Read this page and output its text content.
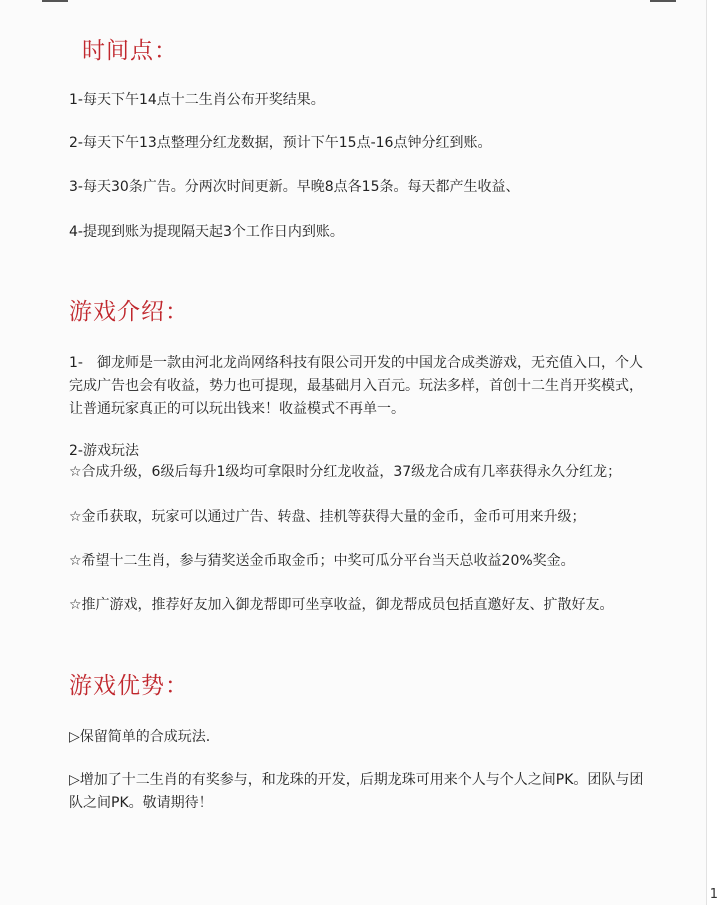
时间点：

1-每天下午14点十二生肖公布开奖结果。

2-每天下午13点整理分红龙数据，预计下午15点-16点钟分红到账。

3-每天30条广告。分两次时间更新。早晚8点各15条。每天都产生收益、

4-提现到账为提现隔天起3个工作日内到账。

游戏介绍：

1-　御龙师是一款由河北龙尚网络科技有限公司开发的中国龙合成类游戏，无充值入口，个人完成广告也会有收益，势力也可提现，最基础月入百元。玩法多样，首创十二生肖开奖模式，让普通玩家真正的可以玩出钱来！收益模式不再单一。

2-游戏玩法

☆合成升级，6级后每升1级均可拿限时分红龙收益，37级龙合成有几率获得永久分红龙；

☆金币获取，玩家可以通过广告、转盘、挂机等获得大量的金币，金币可用来升级；

☆希望十二生肖，参与猜奖送金币取金币；中奖可瓜分平台当天总收益20%奖金。

☆推广游戏，推荐好友加入御龙帮即可坐享收益，御龙帮成员包括直邀好友、扩散好友。

游戏优势：

▷保留简单的合成玩法.

▷增加了十二生肖的有奖参与，和龙珠的开发，后期龙珠可用来个人与个人之间PK。团队与团队之间PK。敬请期待！

1
